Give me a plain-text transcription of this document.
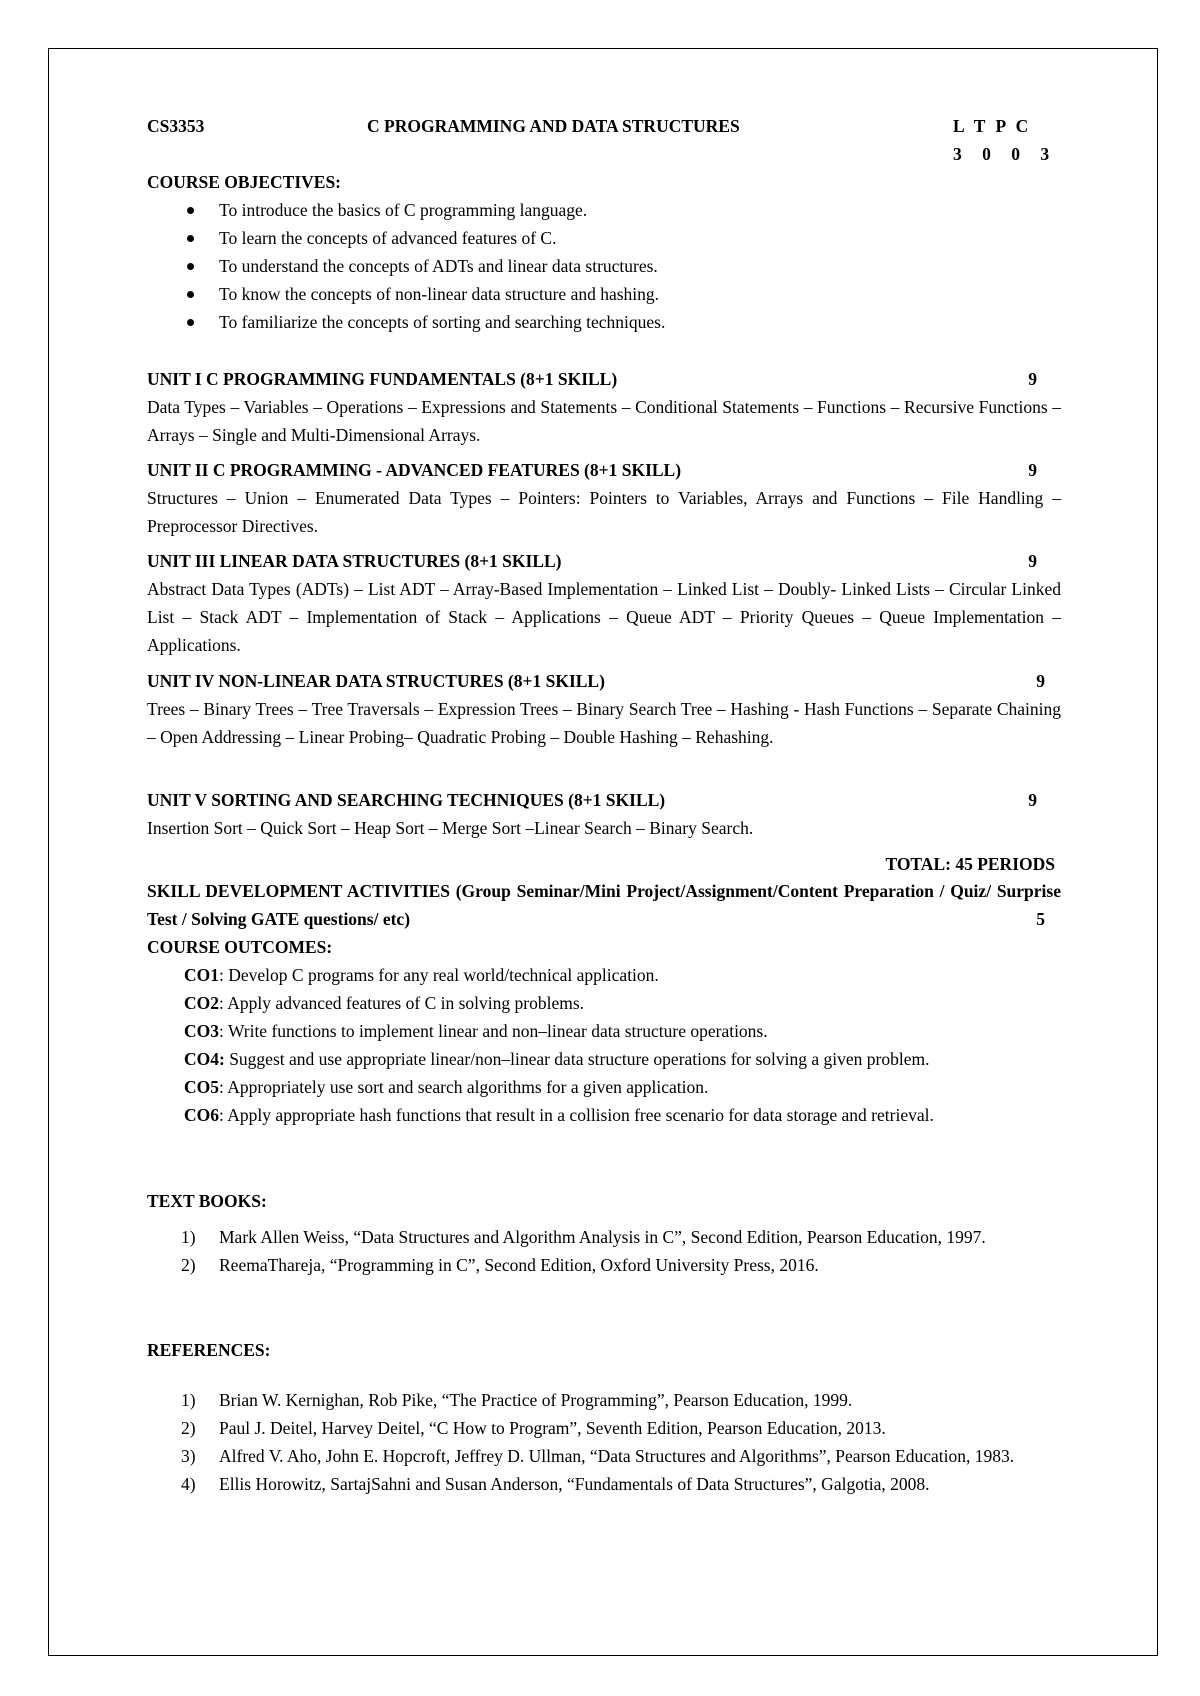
CS3353	C PROGRAMMING AND DATA STRUCTURES	L T P C
3 0 0 3
COURSE OBJECTIVES:
To introduce the basics of C programming language.
To learn the concepts of advanced features of C.
To understand the concepts of ADTs and linear data structures.
To know the concepts of non-linear data structure and hashing.
To familiarize the concepts of sorting and searching techniques.
UNIT I C PROGRAMMING FUNDAMENTALS (8+1 SKILL)	9
Data Types – Variables – Operations – Expressions and Statements – Conditional Statements – Functions – Recursive Functions – Arrays – Single and Multi-Dimensional Arrays.
UNIT II C PROGRAMMING - ADVANCED FEATURES (8+1 SKILL)	9
Structures – Union – Enumerated Data Types – Pointers: Pointers to Variables, Arrays and Functions – File Handling – Preprocessor Directives.
UNIT III LINEAR DATA STRUCTURES (8+1 SKILL)	9
Abstract Data Types (ADTs) – List ADT – Array-Based Implementation – Linked List – Doubly- Linked Lists – Circular Linked List – Stack ADT – Implementation of Stack – Applications – Queue ADT – Priority Queues – Queue Implementation – Applications.
UNIT IV NON-LINEAR DATA STRUCTURES (8+1 SKILL)	9
Trees – Binary Trees – Tree Traversals – Expression Trees – Binary Search Tree – Hashing - Hash Functions – Separate Chaining – Open Addressing – Linear Probing– Quadratic Probing – Double Hashing – Rehashing.
UNIT V SORTING AND SEARCHING TECHNIQUES (8+1 SKILL)	9
Insertion Sort – Quick Sort – Heap Sort – Merge Sort –Linear Search – Binary Search.
TOTAL: 45 PERIODS
SKILL DEVELOPMENT ACTIVITIES (Group Seminar/Mini Project/Assignment/Content Preparation / Quiz/ Surprise Test / Solving GATE questions/ etc)	5
COURSE OUTCOMES:
CO1: Develop C programs for any real world/technical application.
CO2: Apply advanced features of C in solving problems.
CO3: Write functions to implement linear and non–linear data structure operations.
CO4: Suggest and use appropriate linear/non–linear data structure operations for solving a given problem.
CO5: Appropriately use sort and search algorithms for a given application.
CO6: Apply appropriate hash functions that result in a collision free scenario for data storage and retrieval.
TEXT BOOKS:
1) Mark Allen Weiss, “Data Structures and Algorithm Analysis in C”, Second Edition, Pearson Education, 1997.
2) ReemaThareja, “Programming in C”, Second Edition, Oxford University Press, 2016.
REFERENCES:
1) Brian W. Kernighan, Rob Pike, “The Practice of Programming”, Pearson Education, 1999.
2) Paul J. Deitel, Harvey Deitel, “C How to Program”, Seventh Edition, Pearson Education, 2013.
3) Alfred V. Aho, John E. Hopcroft, Jeffrey D. Ullman, “Data Structures and Algorithms”, Pearson Education, 1983.
4) Ellis Horowitz, SartajSahni and Susan Anderson, “Fundamentals of Data Structures”, Galgotia, 2008.
